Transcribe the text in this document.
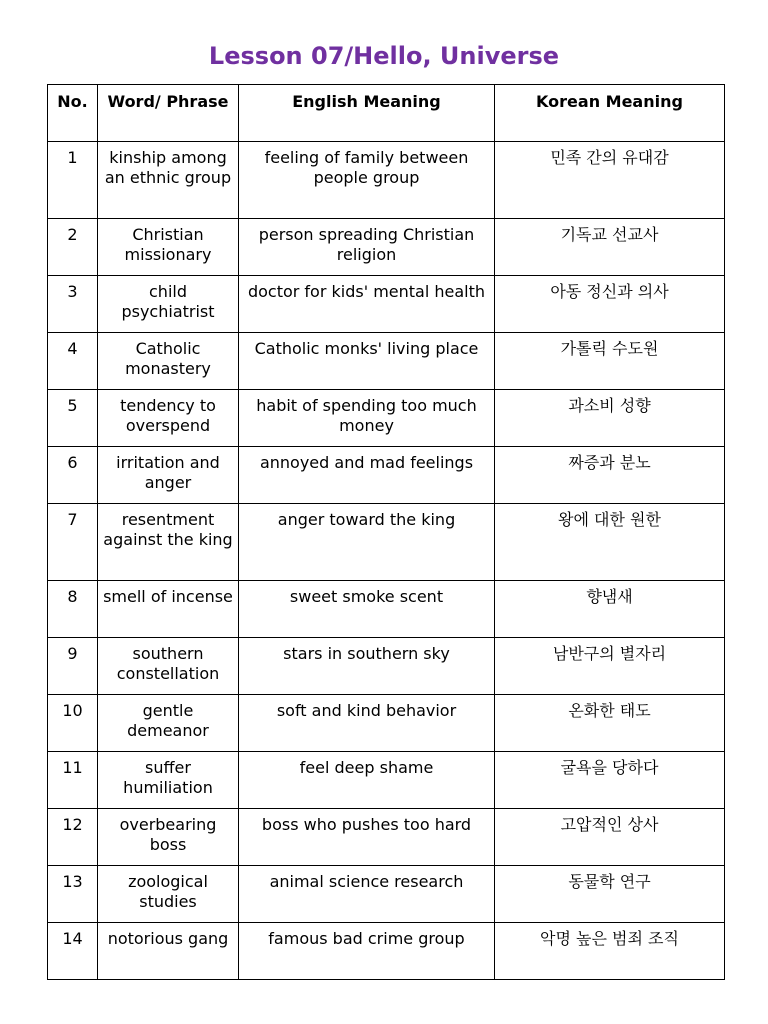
Lesson 07/Hello, Universe
No.	Word/ Phrase	English Meaning	Korean Meaning
1	kinship among an ethnic group	feeling of family between people group	민족 간의 유대감
2	Christian missionary	person spreading Christian religion	기독교 선교사
3	child psychiatrist	doctor for kids' mental health	아동 정신과 의사
4	Catholic monastery	Catholic monks' living place	가톨릭 수도원
5	tendency to overspend	habit of spending too much money	과소비 성향
6	irritation and anger	annoyed and mad feelings	짜증과 분노
7	resentment against the king	anger toward the king	왕에 대한 원한
8	smell of incense	sweet smoke scent	향냄새
9	southern constellation	stars in southern sky	남반구의 별자리
10	gentle demeanor	soft and kind behavior	온화한 태도
11	suffer humiliation	feel deep shame	굴욕을 당하다
12	overbearing boss	boss who pushes too hard	고압적인 상사
13	zoological studies	animal science research	동물학 연구
14	notorious gang	famous bad crime group	악명 높은 범죄 조직
